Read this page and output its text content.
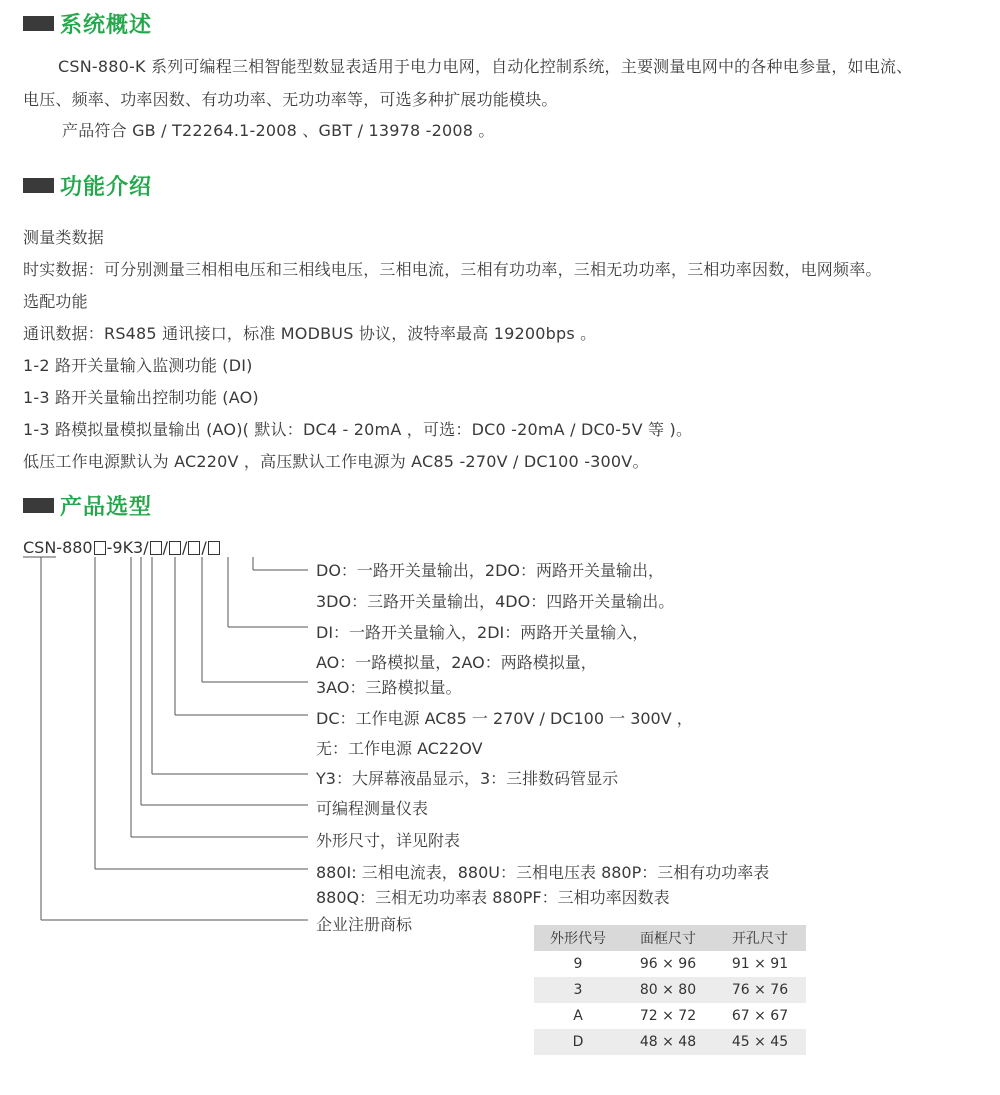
系统概述
CSN-880-K 系列可编程三相智能型数显表适用于电力电网，自动化控制系统，主要测量电网中的各种电参量，如电流、
电压、频率、功率因数、有功功率、无功功率等，可选多种扩展功能模块。
产品符合 GB / T22264.1-2008 、GBT / 13978 -2008 。
功能介绍
测量类数据
时实数据：可分别测量三相相电压和三相线电压，三相电流，三相有功功率，三相无功功率，三相功率因数，电网频率。
选配功能
通讯数据：RS485 通讯接口，标准 MODBUS 协议，波特率最高 19200bps 。
1-2 路开关量输入监测功能 (DI)
1-3 路开关量输出控制功能 (AO)
1-3 路模拟量模拟量输出 (AO)( 默认：DC4 - 20mA ，可选：DC0 -20mA / DC0-5V 等 )。
低压工作电源默认为 AC220V ，高压默认工作电源为 AC85 -270V / DC100 -300V。
产品选型
CSN-880 -9K3/ / / /
DO：一路开关量输出，2DO：两路开关量输出，
3DO：三路开关量输出，4DO：四路开关量输出。
DI：一路开关量输入，2DI：两路开关量输入，
AO：一路模拟量，2AO：两路模拟量，
3AO：三路模拟量。
DC：工作电源 AC85 一 270V / DC100 一 300V ，
无：工作电源 AC22OV
Y3：大屏幕液晶显示，3：三排数码管显示
可编程测量仪表
外形尺寸，详见附表
880I: 三相电流表，880U：三相电压表 880P：三相有功功率表
880Q：三相无功功率表 880PF：三相功率因数表
企业注册商标
外形代号	面框尺寸	开孔尺寸
9	96 × 96	91 × 91
3	80 × 80	76 × 76
A	72 × 72	67 × 67
D	48 × 48	45 × 45
